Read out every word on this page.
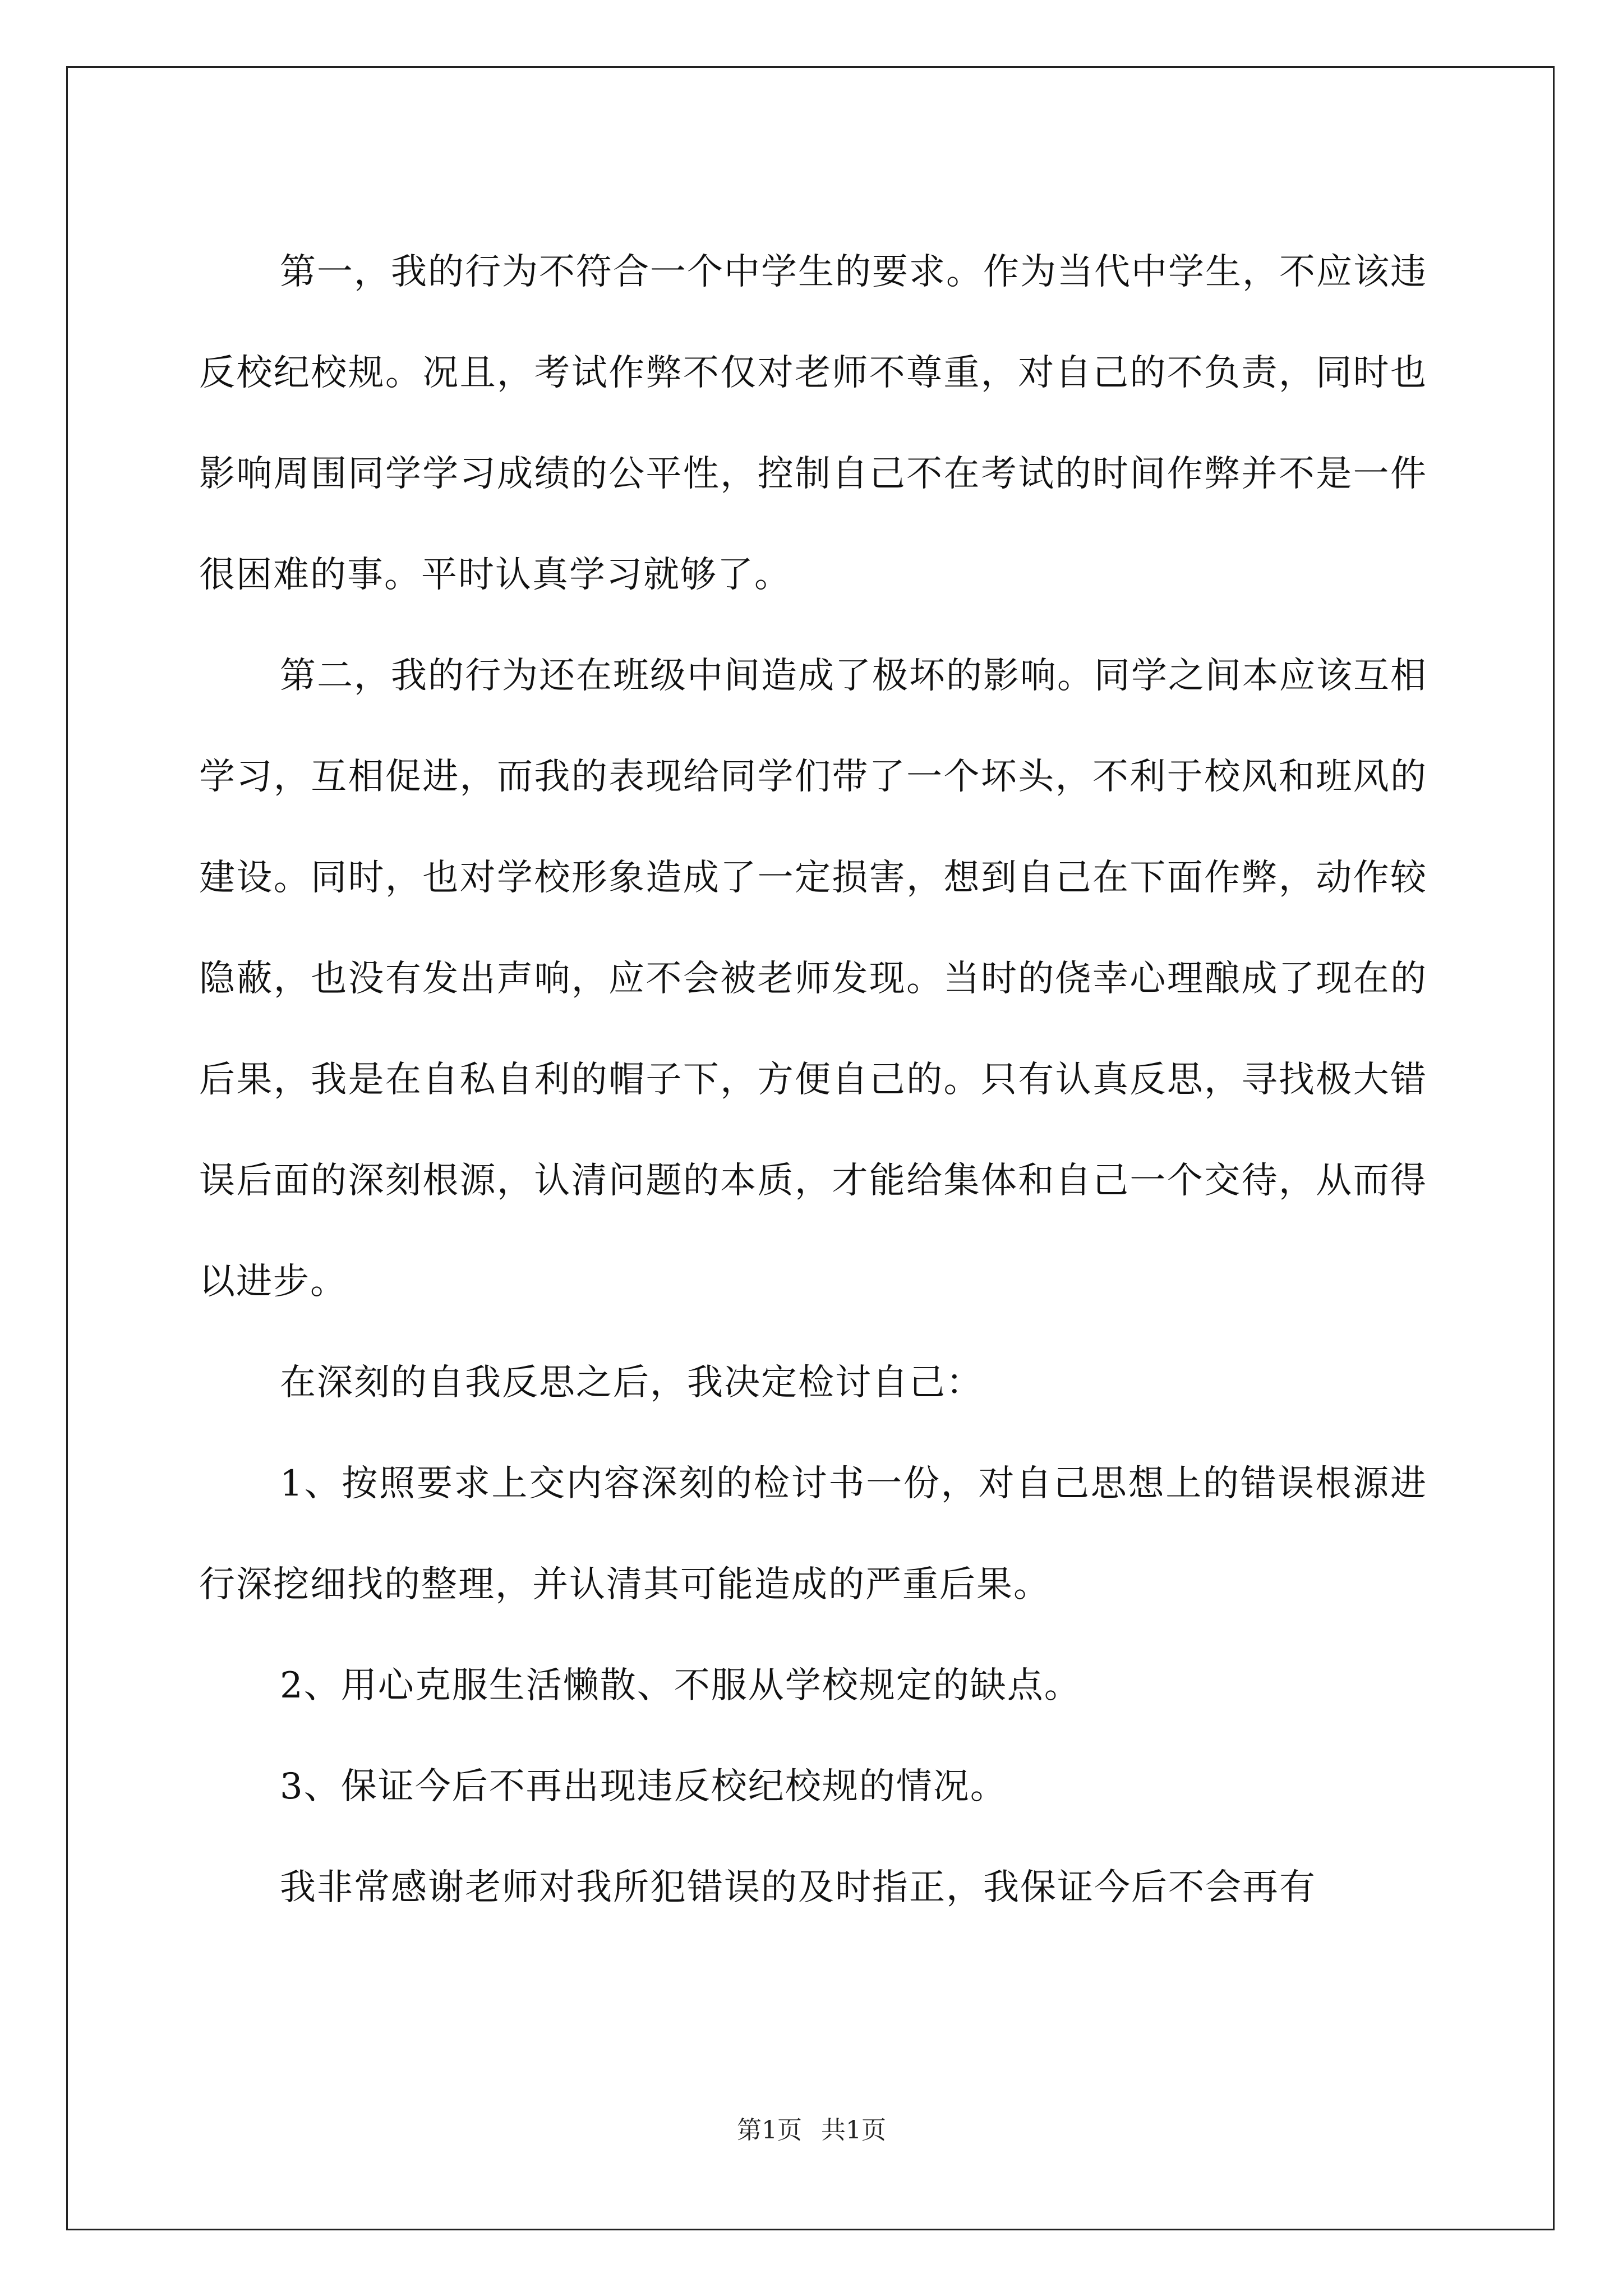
第一，我的行为不符合一个中学生的要求。作为当代中学生，不应该违反校纪校规。况且，考试作弊不仅对老师不尊重，对自己的不负责，同时也影响周围同学学习成绩的公平性，控制自己不在考试的时间作弊并不是一件很困难的事。平时认真学习就够了。

第二，我的行为还在班级中间造成了极坏的影响。同学之间本应该互相学习，互相促进，而我的表现给同学们带了一个坏头，不利于校风和班风的建设。同时，也对学校形象造成了一定损害，想到自己在下面作弊，动作较隐蔽，也没有发出声响，应不会被老师发现。当时的侥幸心理酿成了现在的后果，我是在自私自利的帽子下，方便自己的。只有认真反思，寻找极大错误后面的深刻根源，认清问题的本质，才能给集体和自己一个交待，从而得以进步。

在深刻的自我反思之后，我决定检讨自己：

1、按照要求上交内容深刻的检讨书一份，对自己思想上的错误根源进行深挖细找的整理，并认清其可能造成的严重后果。

2、用心克服生活懒散、不服从学校规定的缺点。

3、保证今后不再出现违反校纪校规的情况。

我非常感谢老师对我所犯错误的及时指正，我保证今后不会再有

第1页 共1页
